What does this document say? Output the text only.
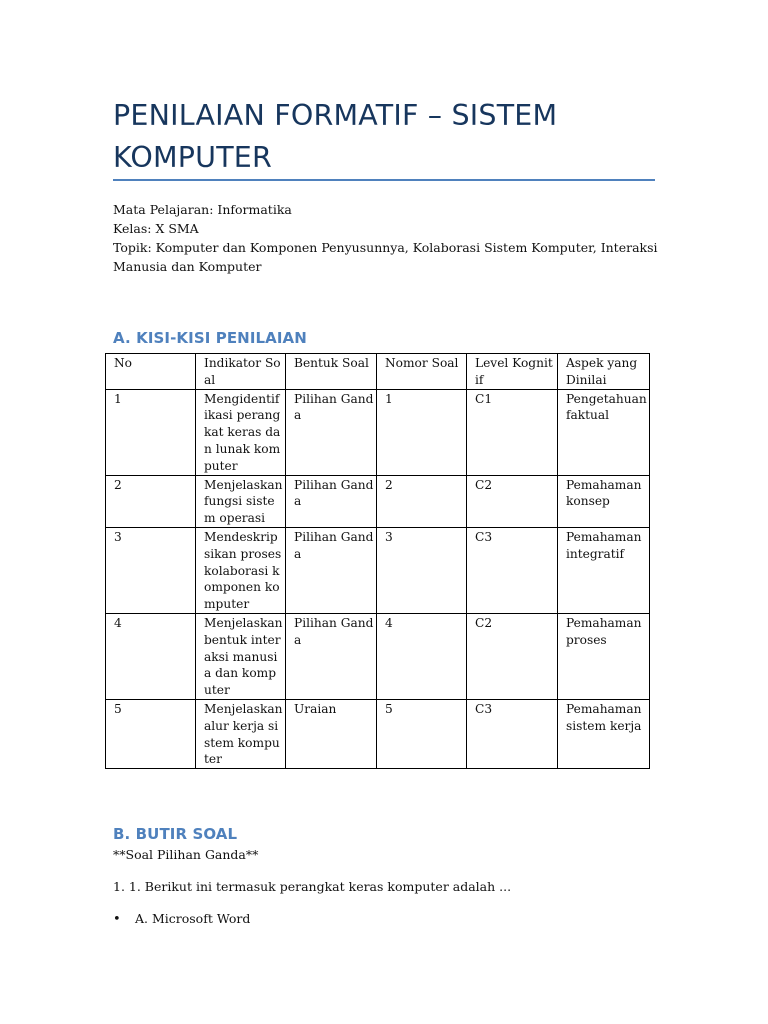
PENILAIAN FORMATIF – SISTEM KOMPUTER
Mata Pelajaran: Informatika
Kelas: X SMA
Topik: Komputer dan Komponen Penyusunnya, Kolaborasi Sistem Komputer, Interaksi Manusia dan Komputer
A. KISI-KISI PENILAIAN
No	Indikator Soal	Bentuk Soal	Nomor Soal	Level Kognitif	Aspek yang Dinilai
1	Mengidentifikasi perangkat keras dan lunak komputer	Pilihan Ganda	1	C1	Pengetahuan faktual
2	Menjelaskan fungsi sistem operasi	Pilihan Ganda	2	C2	Pemahaman konsep
3	Mendeskripsikan proses kolaborasi komponen komputer	Pilihan Ganda	3	C3	Pemahaman integratif
4	Menjelaskan bentuk interaksi manusia dan komputer	Pilihan Ganda	4	C2	Pemahaman proses
5	Menjelaskan alur kerja sistem komputer	Uraian	5	C3	Pemahaman sistem kerja
B. BUTIR SOAL
**Soal Pilihan Ganda**
1. 1. Berikut ini termasuk perangkat keras komputer adalah ...
• A. Microsoft Word
